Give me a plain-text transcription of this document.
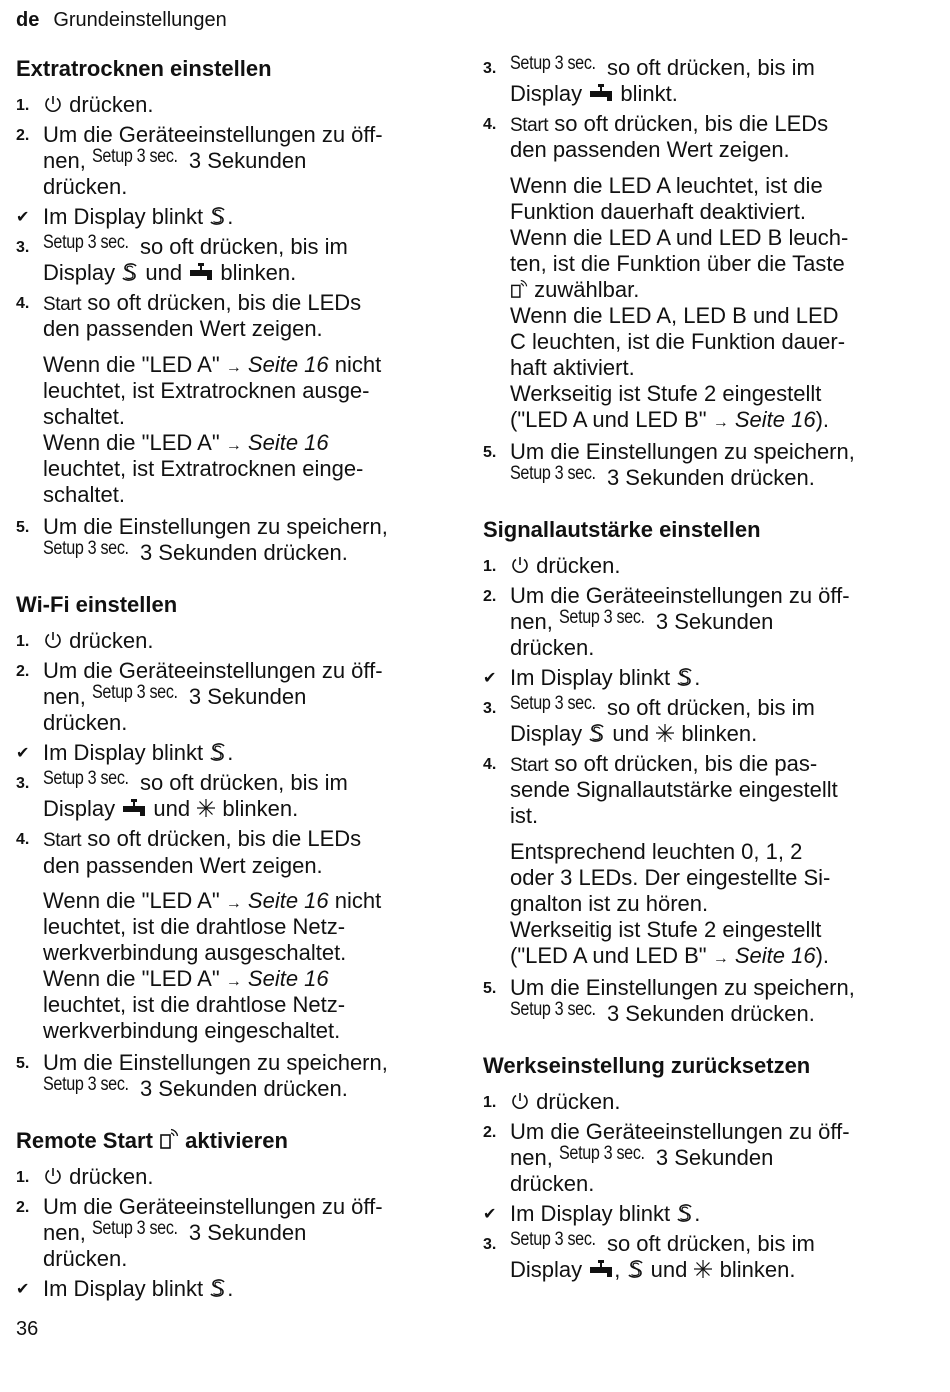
de Grundeinstellungen
Extratrocknen einstellen
1.	drücken.
2. Um die Geräteeinstellungen zu öff-
nen, Setup 3 sec. 3 Sekunden
drücken.
✔ Im Display blinkt .
3. Setup 3 sec. so oft drücken, bis im
Display und blinken.
4. Start so oft drücken, bis die LEDs
den passenden Wert zeigen.

Wenn die "LED A" → Seite 16 nicht

leuchtet, ist Extratrocknen ausge-

schaltet.

Wenn die "LED A" → Seite 16

leuchtet, ist Extratrocknen einge-

schaltet.

5. Um die Einstellungen zu speichern,
Setup 3 sec. 3 Sekunden drücken.
Wi-Fi einstellen
1.	drücken.
2. Um die Geräteeinstellungen zu öff-
nen, Setup 3 sec. 3 Sekunden
drücken.
✔ Im Display blinkt .
3. Setup 3 sec. so oft drücken, bis im
Display und blinken.
4. Start so oft drücken, bis die LEDs
den passenden Wert zeigen.

Wenn die "LED A" → Seite 16 nicht

leuchtet, ist die drahtlose Netz-

werkverbindung ausgeschaltet.

Wenn die "LED A" → Seite 16

leuchtet, ist die drahtlose Netz-

werkverbindung eingeschaltet.

5. Um die Einstellungen zu speichern,
Setup 3 sec. 3 Sekunden drücken.
Remote Start aktivieren
1.	drücken.
2. Um die Geräteeinstellungen zu öff-
nen, Setup 3 sec. 3 Sekunden
drücken.
✔ Im Display blinkt .
3. Setup 3 sec. so oft drücken, bis im
Display blinkt.
4. Start so oft drücken, bis die LEDs
den passenden Wert zeigen.

Wenn die LED A leuchtet, ist die

Funktion dauerhaft deaktiviert.

Wenn die LED A und LED B leuch-

ten, ist die Funktion über die Taste

zuwählbar.

Wenn die LED A, LED B und LED

C leuchten, ist die Funktion dauer-

haft aktiviert.

Werkseitig ist Stufe 2 eingestellt

("LED A und LED B" → Seite 16).

5. Um die Einstellungen zu speichern,
Setup 3 sec. 3 Sekunden drücken.
Signallautstärke einstellen
1.	drücken.
2. Um die Geräteeinstellungen zu öff-
nen, Setup 3 sec. 3 Sekunden
drücken.
✔ Im Display blinkt .
3. Setup 3 sec. so oft drücken, bis im
Display und blinken.
4. Start so oft drücken, bis die pas-
sende Signallautstärke eingestellt
ist.

Entsprechend leuchten 0, 1, 2

oder 3 LEDs. Der eingestellte Si-

gnalton ist zu hören.

Werkseitig ist Stufe 2 eingestellt

("LED A und LED B" → Seite 16).

5. Um die Einstellungen zu speichern,
Setup 3 sec. 3 Sekunden drücken.
Werkseinstellung zurücksetzen
1.	drücken.
2. Um die Geräteeinstellungen zu öff-
nen, Setup 3 sec. 3 Sekunden
drücken.
✔ Im Display blinkt .
3. Setup 3 sec. so oft drücken, bis im
Display , und blinken.
36
